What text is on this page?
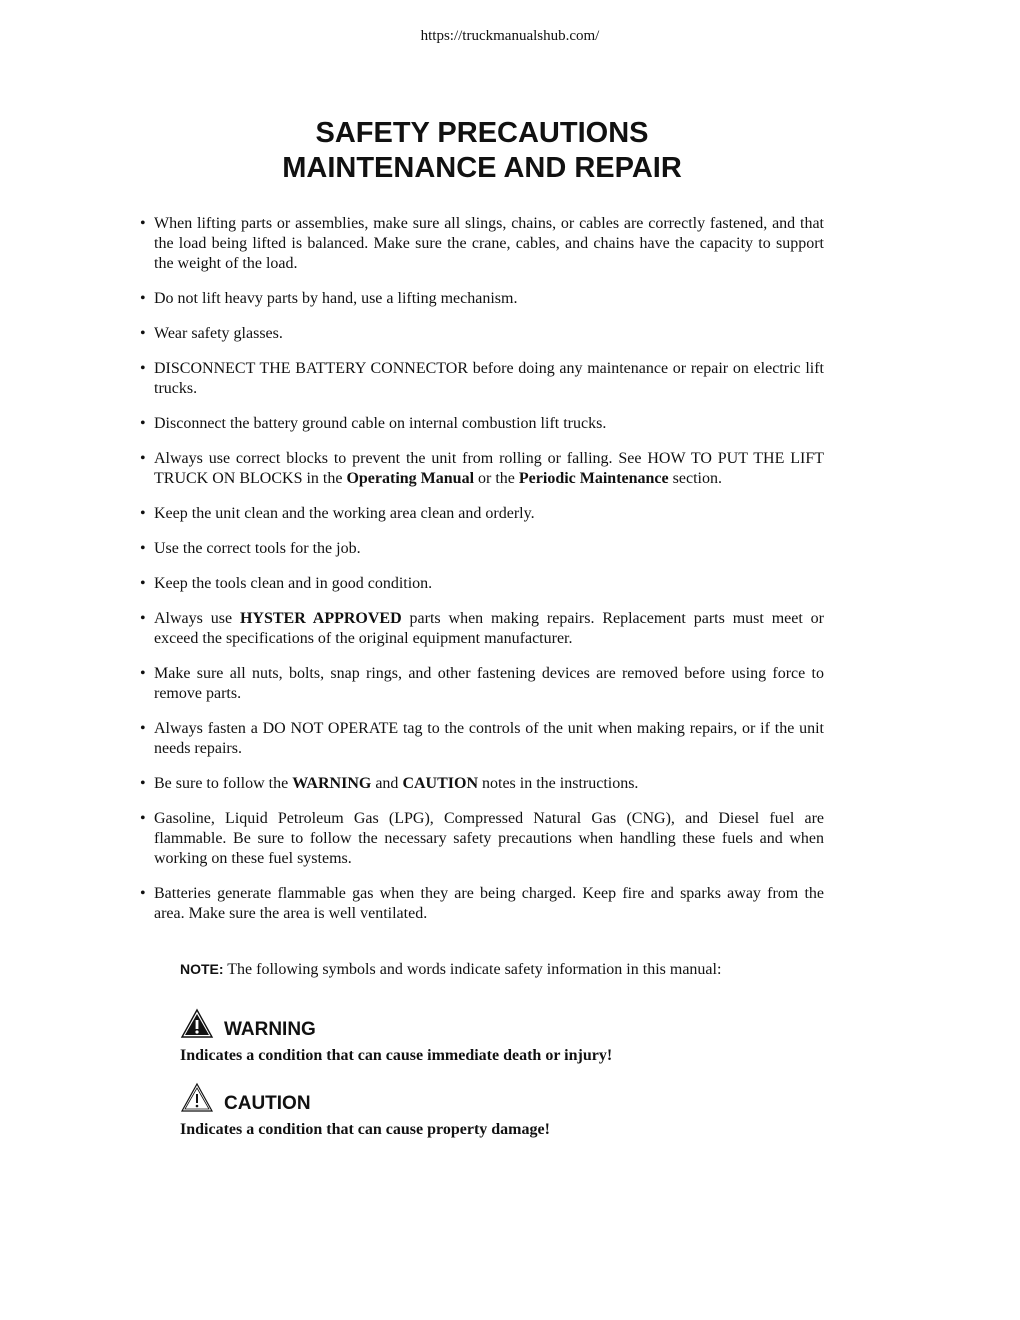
https://truckmanualshub.com/
SAFETY PRECAUTIONS
MAINTENANCE AND REPAIR
• When lifting parts or assemblies, make sure all slings, chains, or cables are correctly fastened, and that the load being lifted is balanced. Make sure the crane, cables, and chains have the capacity to support the weight of the load.
• Do not lift heavy parts by hand, use a lifting mechanism.
• Wear safety glasses.
• DISCONNECT THE BATTERY CONNECTOR before doing any maintenance or repair on electric lift trucks.
• Disconnect the battery ground cable on internal combustion lift trucks.
• Always use correct blocks to prevent the unit from rolling or falling. See HOW TO PUT THE LIFT TRUCK ON BLOCKS in the Operating Manual or the Periodic Maintenance section.
• Keep the unit clean and the working area clean and orderly.
• Use the correct tools for the job.
• Keep the tools clean and in good condition.
• Always use HYSTER APPROVED parts when making repairs. Replacement parts must meet or exceed the specifications of the original equipment manufacturer.
• Make sure all nuts, bolts, snap rings, and other fastening devices are removed before using force to remove parts.
• Always fasten a DO NOT OPERATE tag to the controls of the unit when making repairs, or if the unit needs repairs.
• Be sure to follow the WARNING and CAUTION notes in the instructions.
• Gasoline, Liquid Petroleum Gas (LPG), Compressed Natural Gas (CNG), and Diesel fuel are flammable. Be sure to follow the necessary safety precautions when handling these fuels and when working on these fuel systems.
• Batteries generate flammable gas when they are being charged. Keep fire and sparks away from the area. Make sure the area is well ventilated.
NOTE: The following symbols and words indicate safety information in this manual:
WARNING
Indicates a condition that can cause immediate death or injury!
CAUTION
Indicates a condition that can cause property damage!
